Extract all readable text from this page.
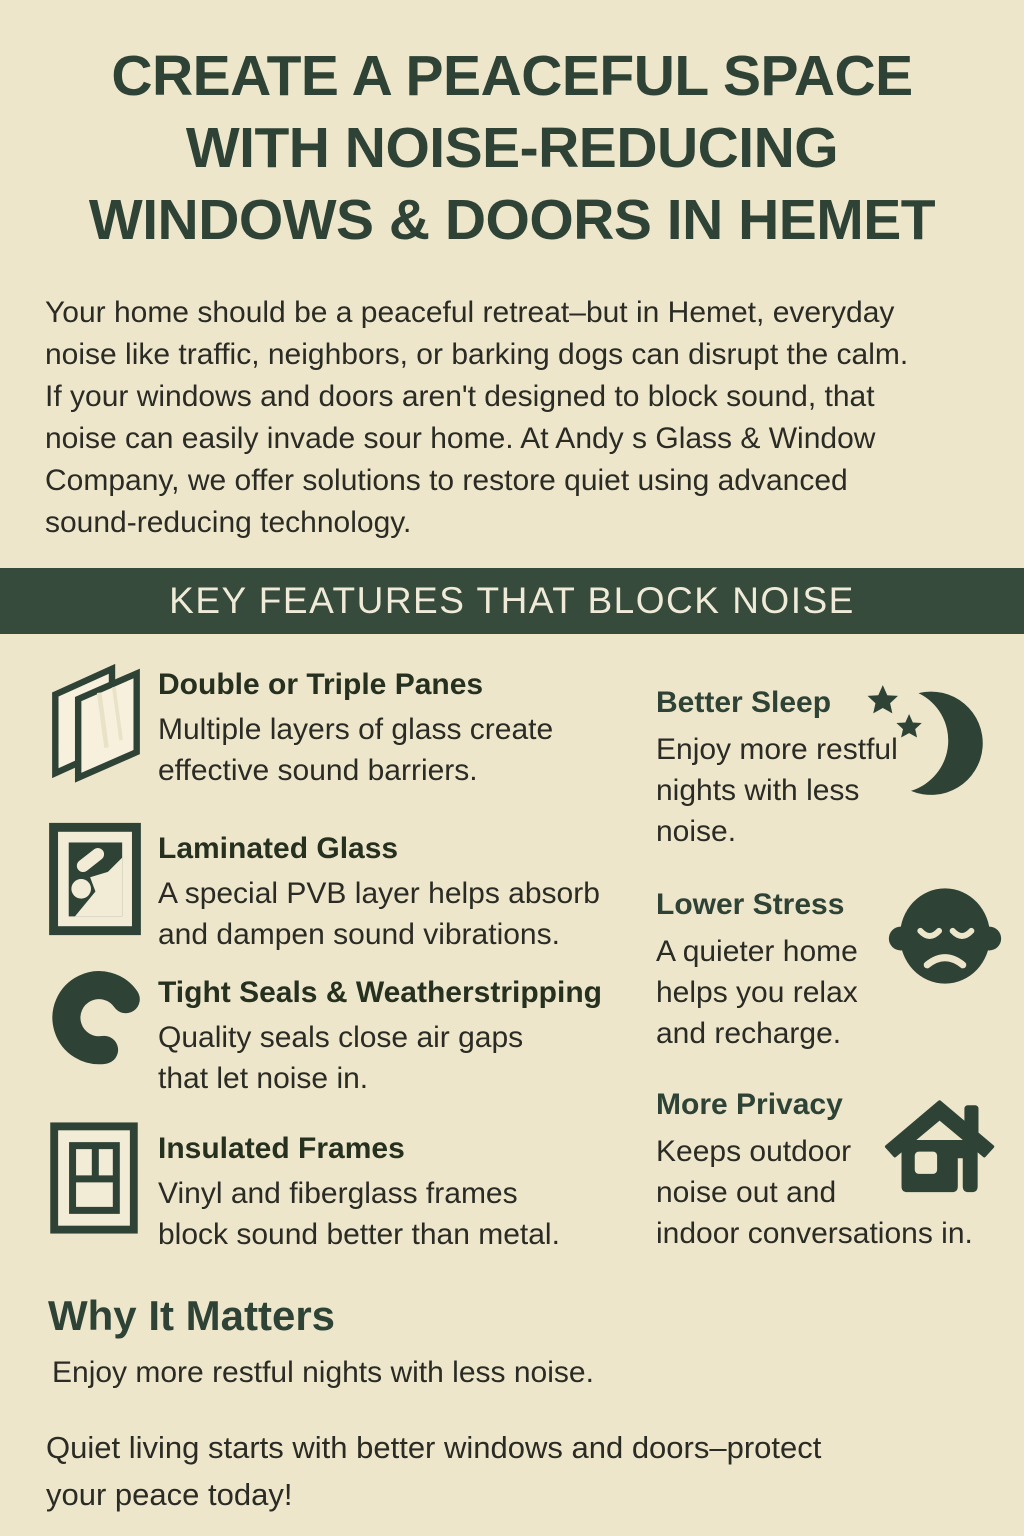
CREATE A PEACEFUL SPACE
WITH NOISE-REDUCING
WINDOWS & DOORS IN HEMET
Your home should be a peaceful retreat–but in Hemet, everyday
noise like traffic, neighbors, or barking dogs can disrupt the calm.
If your windows and doors aren't designed to block sound, that
noise can easily invade sour home. At Andy s Glass & Window
Company, we offer solutions to restore quiet using advanced
sound-reducing technology.
KEY FEATURES THAT BLOCK NOISE
Double or Triple Panes
Multiple layers of glass create
effective sound barriers.
Laminated Glass
A special PVB layer helps absorb
and dampen sound vibrations.
Tight Seals & Weatherstripping
Quality seals close air gaps
that let noise in.
Insulated Frames
Vinyl and fiberglass frames
block sound better than metal.
Better Sleep
Enjoy more restful
nights with less
noise.
Lower Stress
A quieter home
helps you relax
and recharge.
More Privacy
Keeps outdoor
noise out and
indoor conversations in.
Why It Matters
Enjoy more restful nights with less noise.
Quiet living starts with better windows and doors–protect
your peace today!
